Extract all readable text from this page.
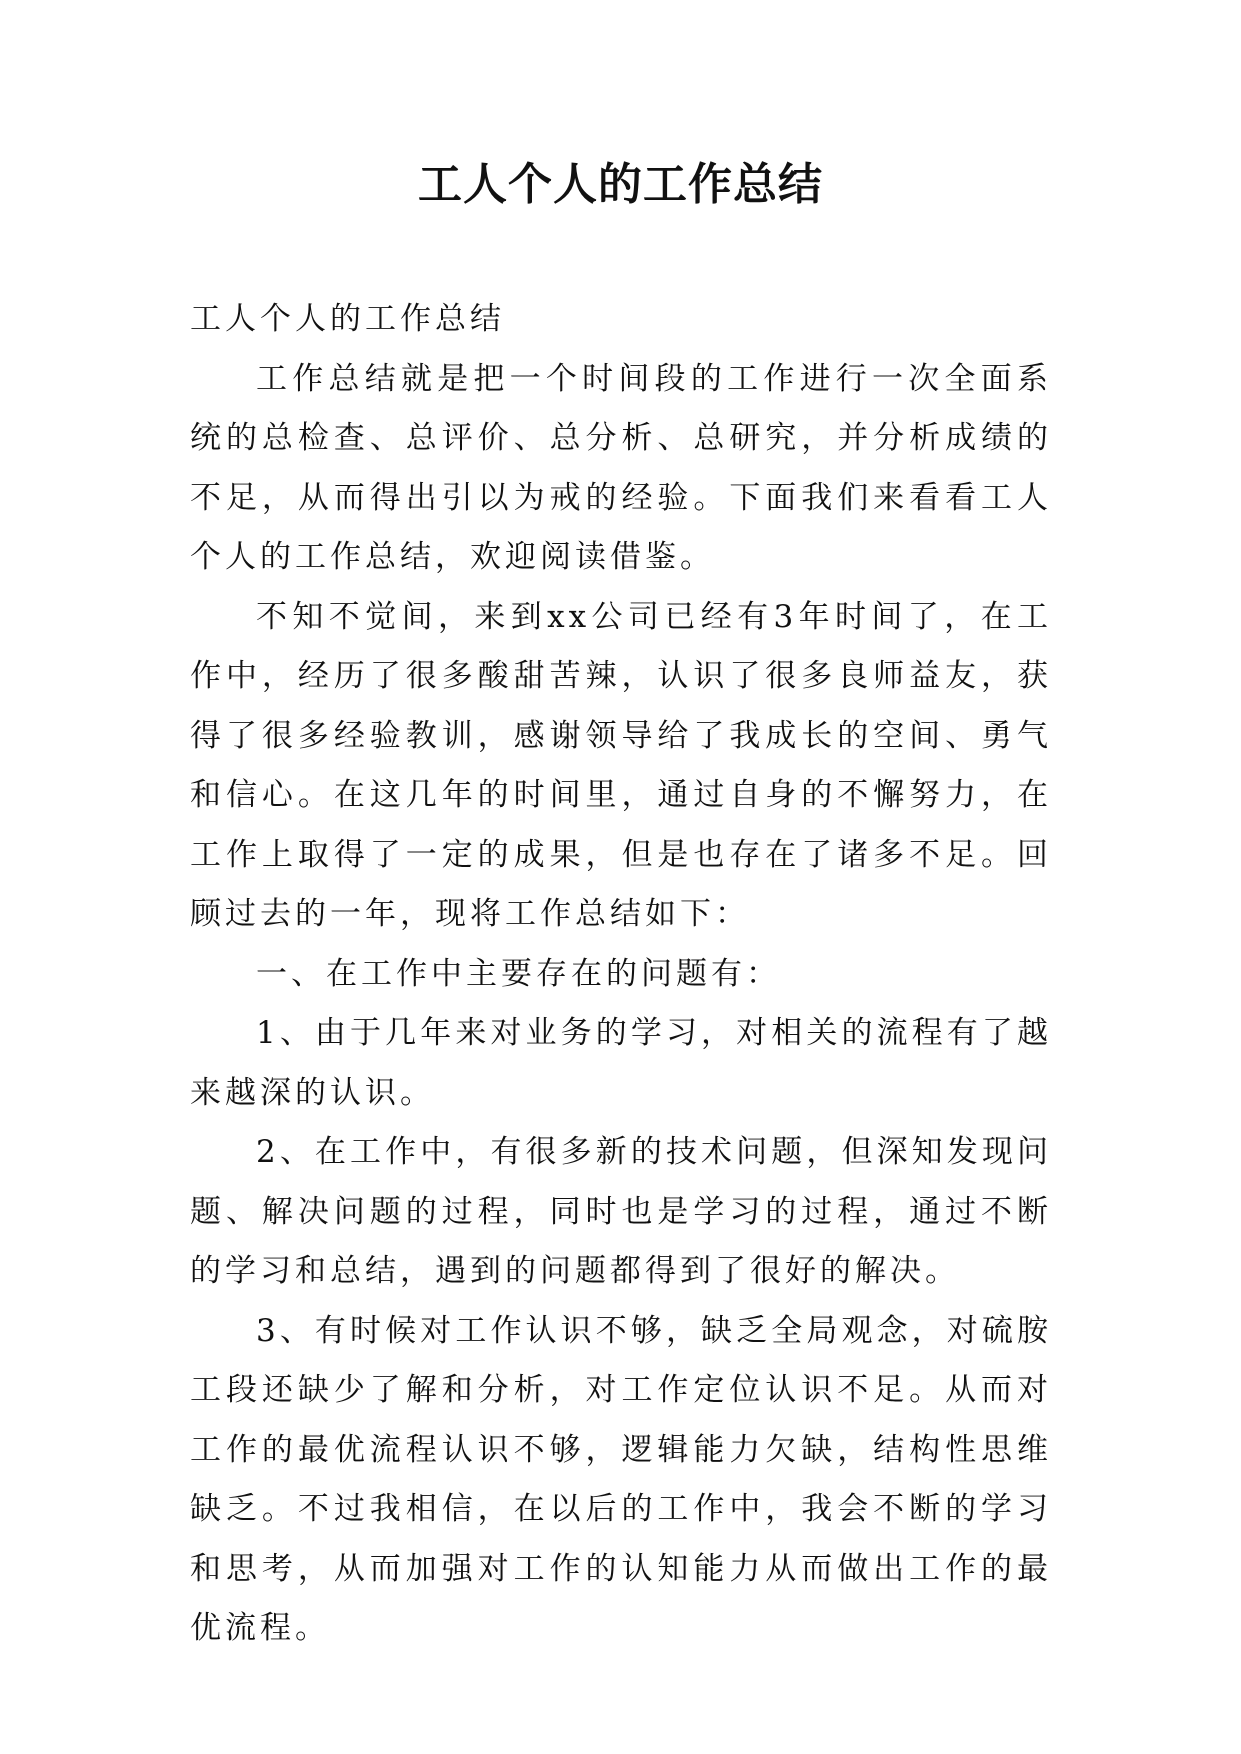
工人个人的工作总结

工人个人的工作总结

工作总结就是把一个时间段的工作进行一次全面系统的总检查、总评价、总分析、总研究，并分析成绩的不足，从而得出引以为戒的经验。下面我们来看看工人个人的工作总结，欢迎阅读借鉴。

不知不觉间，来到xx公司已经有3年时间了，在工作中，经历了很多酸甜苦辣，认识了很多良师益友，获得了很多经验教训，感谢领导给了我成长的空间、勇气和信心。在这几年的时间里，通过自身的不懈努力，在工作上取得了一定的成果，但是也存在了诸多不足。回顾过去的一年，现将工作总结如下：

一、在工作中主要存在的问题有：

1、由于几年来对业务的学习，对相关的流程有了越来越深的认识。

2、在工作中，有很多新的技术问题，但深知发现问题、解决问题的过程，同时也是学习的过程，通过不断的学习和总结，遇到的问题都得到了很好的解决。

3、有时候对工作认识不够，缺乏全局观念，对硫胺工段还缺少了解和分析，对工作定位认识不足。从而对工作的最优流程认识不够，逻辑能力欠缺，结构性思维缺乏。不过我相信，在以后的工作中，我会不断的学习和思考，从而加强对工作的认知能力从而做出工作的最优流程。
